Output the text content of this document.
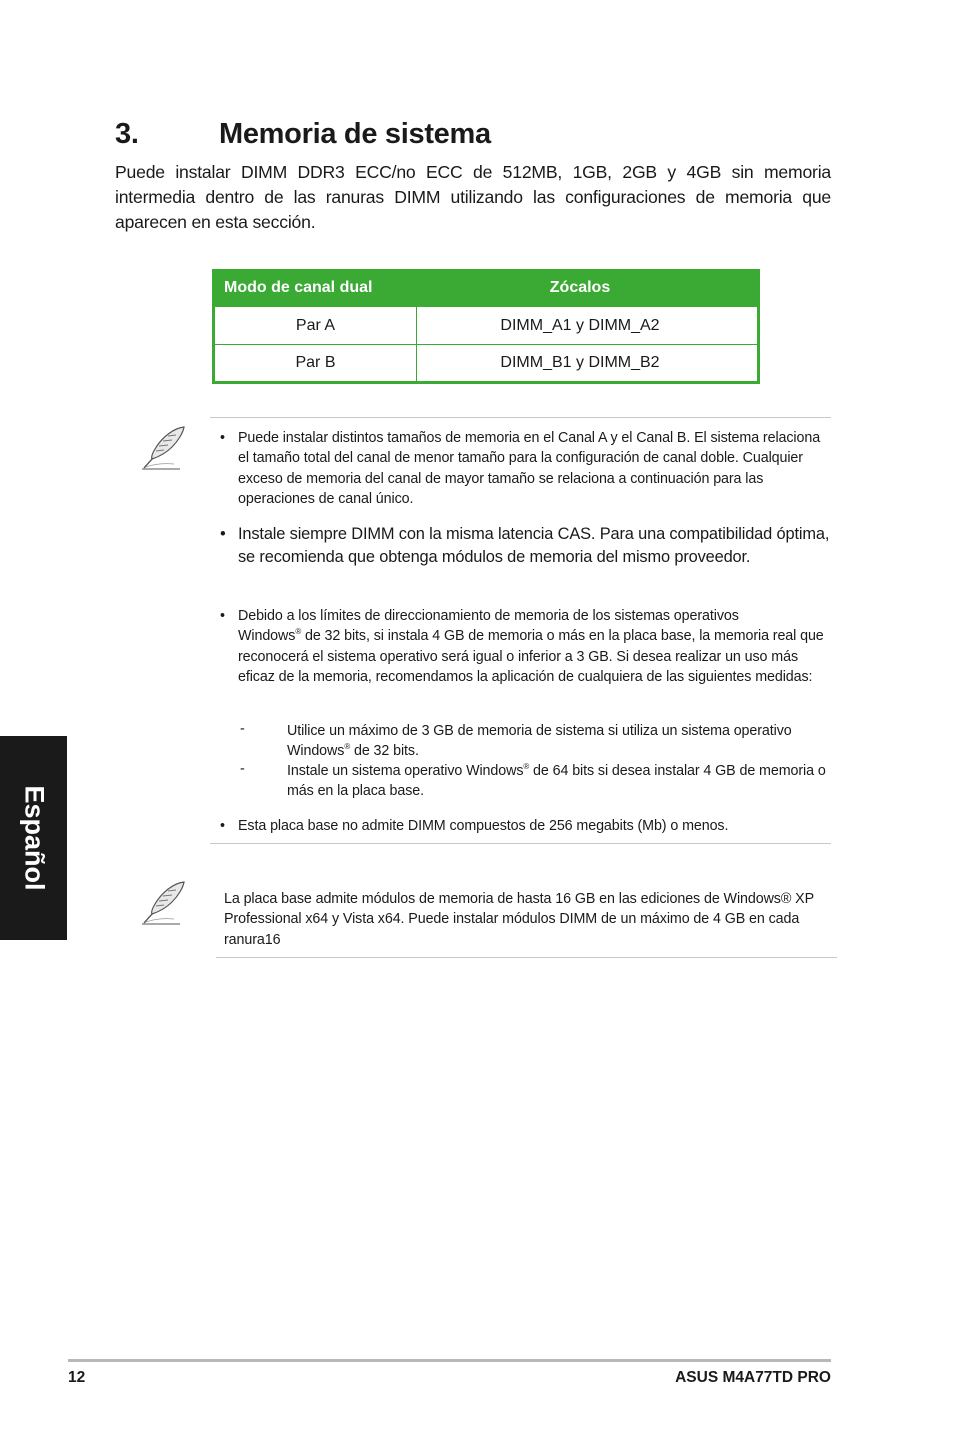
3.	Memoria de sistema

Puede instalar DIMM DDR3 ECC/no ECC de 512MB, 1GB, 2GB y 4GB sin memoria intermedia dentro de las ranuras DIMM utilizando las configuraciones de memoria que aparecen en esta sección.

Modo de canal dual	Zócalos
Par A	DIMM_A1 y DIMM_A2
Par B	DIMM_B1 y DIMM_B2
• Puede instalar distintos tamaños de memoria en el Canal A y el Canal B. El sistema relaciona el tamaño total del canal de menor tamaño para la configuración de canal doble. Cualquier exceso de memoria del canal de mayor tamaño se relaciona a continuación para las operaciones de canal único.

• Instale siempre DIMM con la misma latencia CAS. Para una compatibilidad óptima, se recomienda que obtenga módulos de memoria del mismo proveedor.

• Debido a los límites de direccionamiento de memoria de los sistemas operativos
Windows® de 32 bits, si instala 4 GB de memoria o más en la placa base, la memoria real que reconocerá el sistema operativo será igual o inferior a 3 GB. Si desea realizar un uso más eficaz de la memoria, recomendamos la aplicación de cualquiera de las siguientes medidas:

-	Utilice un máximo de 3 GB de memoria de sistema si utiliza un sistema operativo Windows® de 32 bits.

-	Instale un sistema operativo Windows® de 64 bits si desea instalar 4 GB de memoria o más en la placa base.

• Esta placa base no admite DIMM compuestos de 256 megabits (Mb) o menos.

La placa base admite módulos de memoria de hasta 16 GB en las ediciones de Windows® XP Professional x64 y Vista x64. Puede instalar módulos DIMM de un máximo de 4 GB en cada ranura16

Español
12	ASUS M4A77TD PRO
